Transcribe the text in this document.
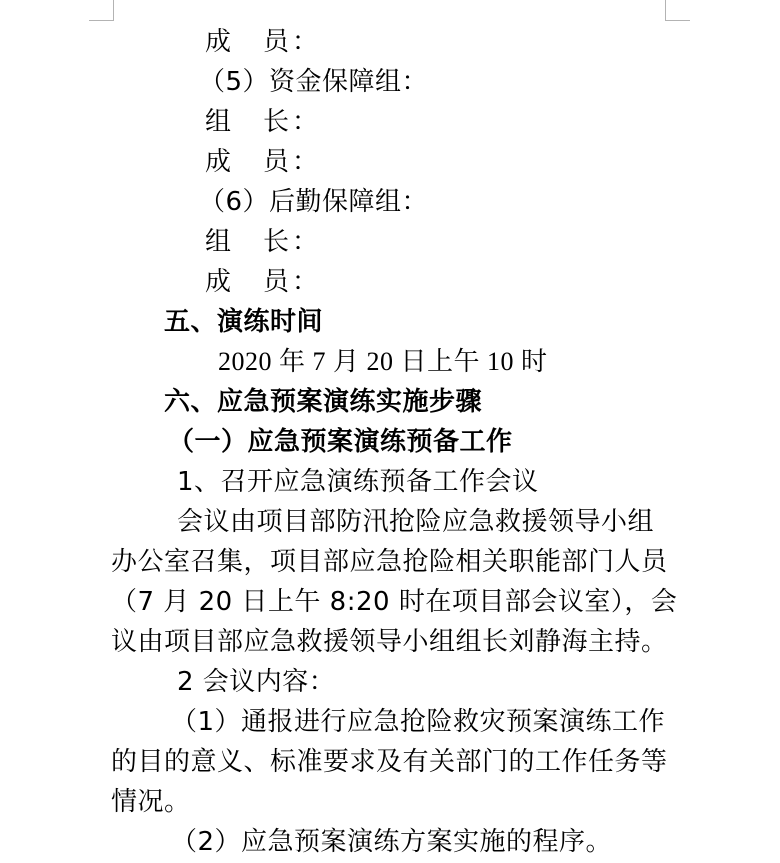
成　员：
（5）资金保障组：
组　长：
成　员：
（6）后勤保障组：
组　长：
成　员：
五、演练时间
2020 年 7 月 20 日上午 10 时
六、应急预案演练实施步骤
（一）应急预案演练预备工作
1、召开应急演练预备工作会议
会议由项目部防汛抢险应急救援领导小组
办公室召集，项目部应急抢险相关职能部门人员
（7 月 20 日上午 8:20 时在项目部会议室），会
议由项目部应急救援领导小组组长刘静海主持。
2 会议内容：
（1）通报进行应急抢险救灾预案演练工作
的目的意义、标准要求及有关部门的工作任务等
情况。
（2）应急预案演练方案实施的程序。
